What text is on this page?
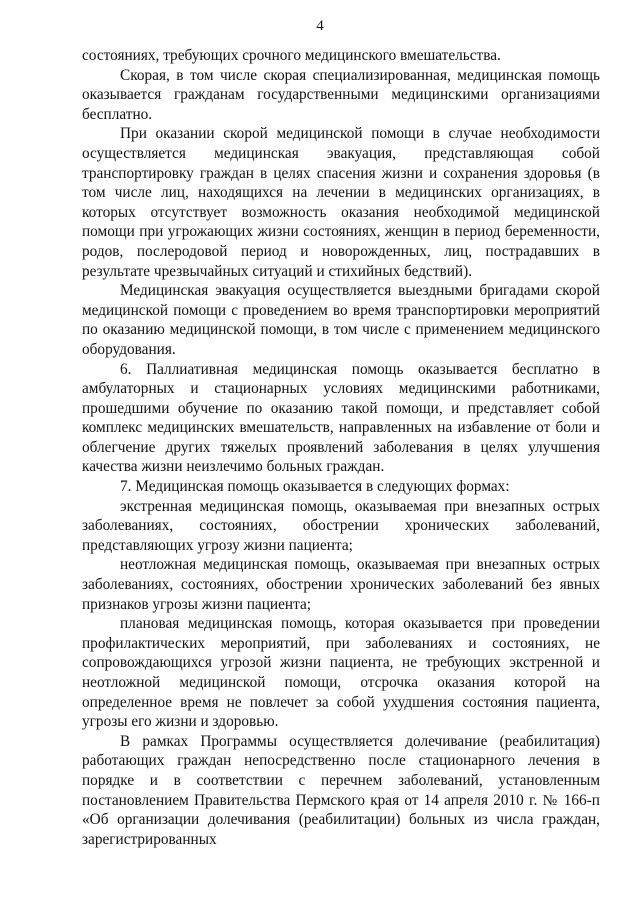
4

состояниях, требующих срочного медицинского вмешательства.

Скорая, в том числе скорая специализированная, медицинская помощь оказывается гражданам государственными медицинскими организациями бесплатно.

При оказании скорой медицинской помощи в случае необходимости осуществляется медицинская эвакуация, представляющая собой транспортировку граждан в целях спасения жизни и сохранения здоровья (в том числе лиц, находящихся на лечении в медицинских организациях, в которых отсутствует возможность оказания необходимой медицинской помощи при угрожающих жизни состояниях, женщин в период беременности, родов, послеродовой период и новорожденных, лиц, пострадавших в результате чрезвычайных ситуаций и стихийных бедствий).

Медицинская эвакуация осуществляется выездными бригадами скорой медицинской помощи с проведением во время транспортировки мероприятий по оказанию медицинской помощи, в том числе с применением медицинского оборудования.

6. Паллиативная медицинская помощь оказывается бесплатно в амбулаторных и стационарных условиях медицинскими работниками, прошедшими обучение по оказанию такой помощи, и представляет собой комплекс медицинских вмешательств, направленных на избавление от боли и облегчение других тяжелых проявлений заболевания в целях улучшения качества жизни неизлечимо больных граждан.

7. Медицинская помощь оказывается в следующих формах:

экстренная медицинская помощь, оказываемая при внезапных острых заболеваниях, состояниях, обострении хронических заболеваний, представляющих угрозу жизни пациента;

неотложная медицинская помощь, оказываемая при внезапных острых заболеваниях, состояниях, обострении хронических заболеваний без явных признаков угрозы жизни пациента;

плановая медицинская помощь, которая оказывается при проведении профилактических мероприятий, при заболеваниях и состояниях, не сопровождающихся угрозой жизни пациента, не требующих экстренной и неотложной медицинской помощи, отсрочка оказания которой на определенное время не повлечет за собой ухудшения состояния пациента, угрозы его жизни и здоровью.

В рамках Программы осуществляется долечивание (реабилитация) работающих граждан непосредственно после стационарного лечения в порядке и в соответствии с перечнем заболеваний, установленным постановлением Правительства Пермского края от 14 апреля 2010 г. № 166-п «Об организации долечивания (реабилитации) больных из числа граждан, зарегистрированных
